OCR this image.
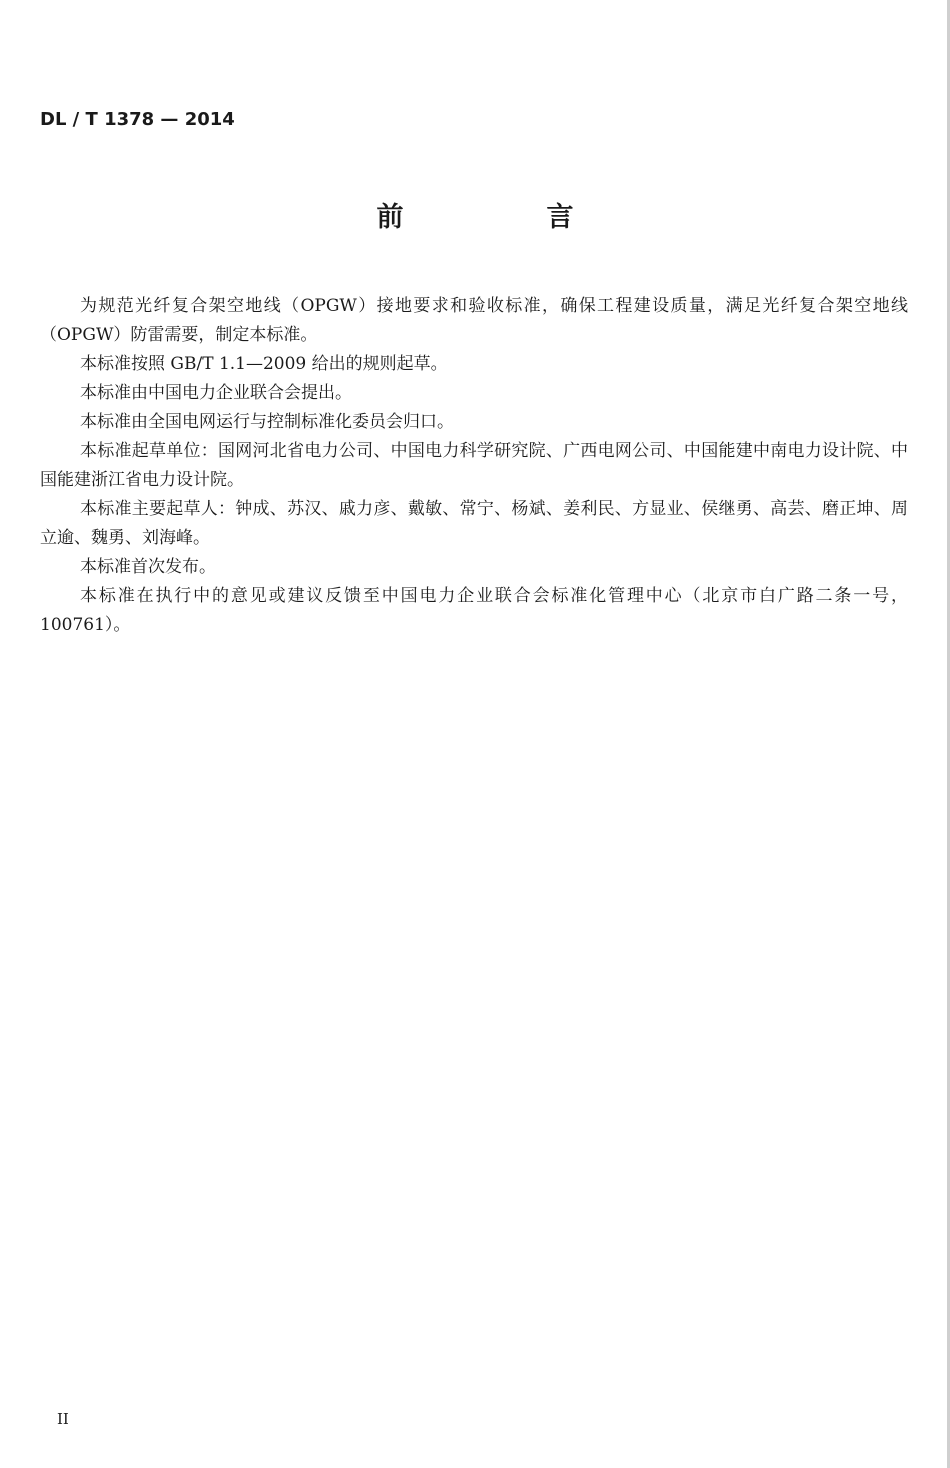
DL / T 1378 — 2014
前　言

为规范光纤复合架空地线（OPGW）接地要求和验收标准，确保工程建设质量，满足光纤复合架空地线（OPGW）防雷需要，制定本标准。

本标准按照 GB/T 1.1—2009 给出的规则起草。

本标准由中国电力企业联合会提出。

本标准由全国电网运行与控制标准化委员会归口。

本标准起草单位：国网河北省电力公司、中国电力科学研究院、广西电网公司、中国能建中南电力设计院、中国能建浙江省电力设计院。

本标准主要起草人：钟成、苏汉、戚力彦、戴敏、常宁、杨斌、姜利民、方显业、侯继勇、高芸、磨正坤、周立逾、魏勇、刘海峰。

本标准首次发布。

本标准在执行中的意见或建议反馈至中国电力企业联合会标准化管理中心（北京市白广路二条一号，100761）。

II
